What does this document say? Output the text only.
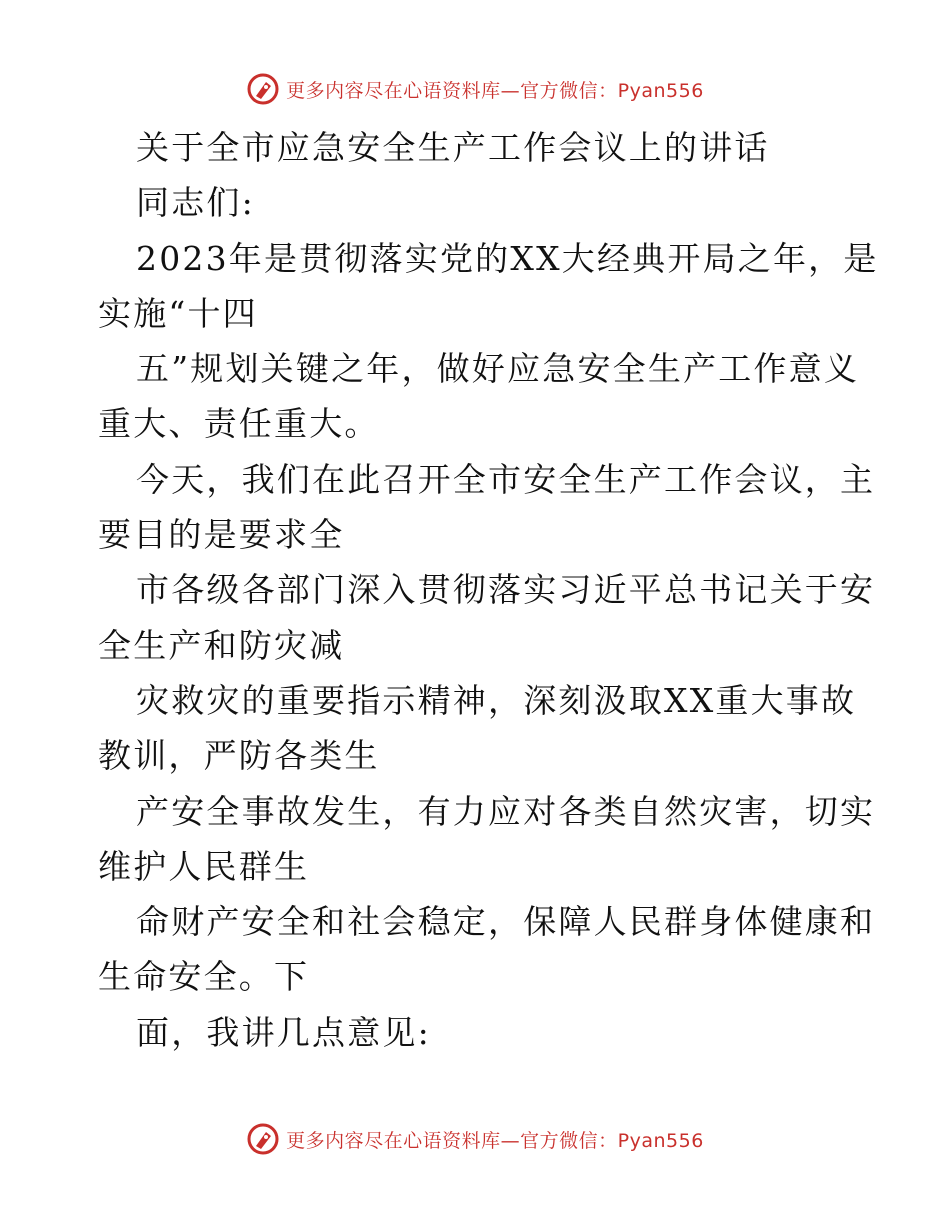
更多内容尽在心语资料库—官方微信：Pyan556
关于全市应急安全生产工作会议上的讲话
同志们:
2023年是贯彻落实党的XX大经典开局之年，是
实施“十四
五”规划关键之年，做好应急安全生产工作意义
重大、责任重大。
今天，我们在此召开全市安全生产工作会议，主
要目的是要求全
市各级各部门深入贯彻落实习近平总书记关于安
全生产和防灾减
灾救灾的重要指示精神，深刻汲取XX重大事故
教训，严防各类生
产安全事故发生，有力应对各类自然灾害，切实
维护人民群生
命财产安全和社会稳定，保障人民群身体健康和
生命安全。下
面，我讲几点意见:
更多内容尽在心语资料库—官方微信：Pyan556
